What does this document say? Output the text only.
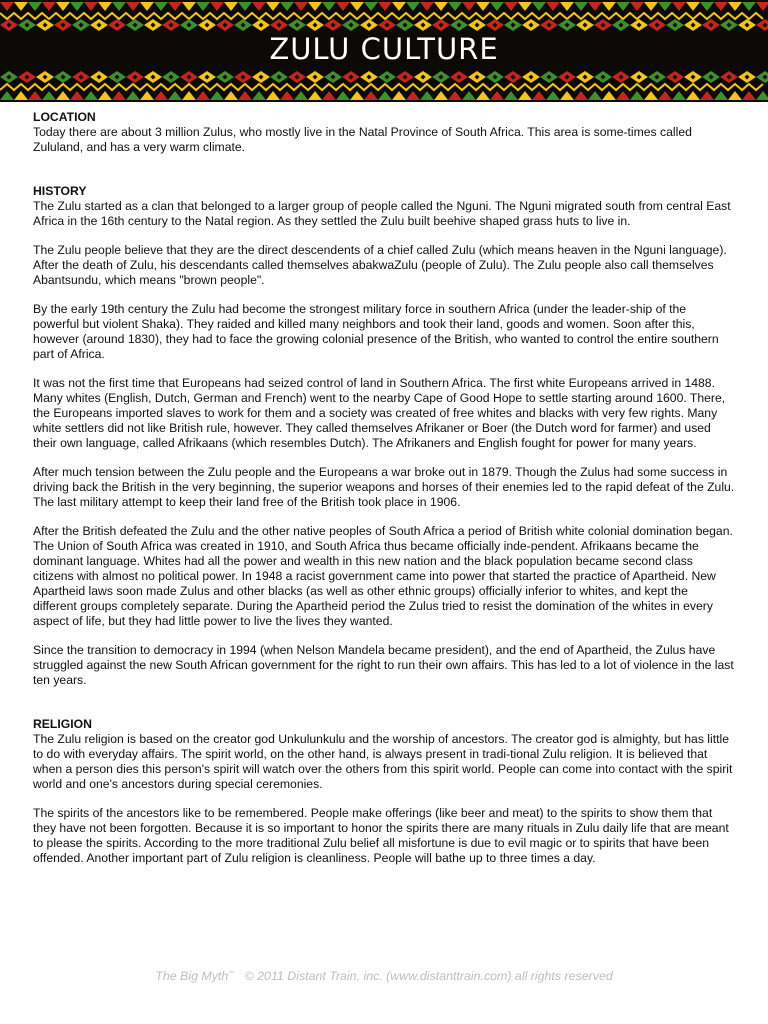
ZULU CULTURE
LOCATION

Today there are about 3 million Zulus, who mostly live in the Natal Province of South Africa. This area is some-times called Zululand, and has a very warm climate.

HISTORY

The Zulu started as a clan that belonged to a larger group of people called the Nguni. The Nguni migrated south from central East Africa in the 16th century to the Natal region. As they settled the Zulu built beehive shaped grass huts to live in.

The Zulu people believe that they are the direct descendents of a chief called Zulu (which means heaven in the Nguni language). After the death of Zulu, his descendants called themselves abakwaZulu (people of Zulu). The Zulu people also call themselves Abantsundu, which means "brown people".

By the early 19th century the Zulu had become the strongest military force in southern Africa (under the leader-ship of the powerful but violent Shaka). They raided and killed many neighbors and took their land, goods and women. Soon after this, however (around 1830), they had to face the growing colonial presence of the British, who wanted to control the entire southern part of Africa.

It was not the first time that Europeans had seized control of land in Southern Africa. The first white Europeans arrived in 1488. Many whites (English, Dutch, German and French) went to the nearby Cape of Good Hope to settle starting around 1600. There, the Europeans imported slaves to work for them and a society was created of free whites and blacks with very few rights. Many white settlers did not like British rule, however. They called themselves Afrikaner or Boer (the Dutch word for farmer) and used their own language, called Afrikaans (which resembles Dutch). The Afrikaners and English fought for power for many years.

After much tension between the Zulu people and the Europeans a war broke out in 1879. Though the Zulus had some success in driving back the British in the very beginning, the superior weapons and horses of their enemies led to the rapid defeat of the Zulu. The last military attempt to keep their land free of the British took place in 1906.

After the British defeated the Zulu and the other native peoples of South Africa a period of British white colonial domination began. The Union of South Africa was created in 1910, and South Africa thus became officially inde-pendent. Afrikaans became the dominant language. Whites had all the power and wealth in this new nation and the black population became second class citizens with almost no political power. In 1948 a racist government came into power that started the practice of Apartheid. New Apartheid laws soon made Zulus and other blacks (as well as other ethnic groups) officially inferior to whites, and kept the different groups completely separate. During the Apartheid period the Zulus tried to resist the domination of the whites in every aspect of life, but they had little power to live the lives they wanted.

Since the transition to democracy in 1994 (when Nelson Mandela became president), and the end of Apartheid, the Zulus have struggled against the new South African government for the right to run their own affairs. This has led to a lot of violence in the last ten years.

RELIGION

The Zulu religion is based on the creator god Unkulunkulu and the worship of ancestors. The creator god is almighty, but has little to do with everyday affairs. The spirit world, on the other hand, is always present in tradi-tional Zulu religion. It is believed that when a person dies this person's spirit will watch over the others from this spirit world. People can come into contact with the spirit world and one's ancestors during special ceremonies.

The spirits of the ancestors like to be remembered. People make offerings (like beer and meat) to the spirits to show them that they have not been forgotten. Because it is so important to honor the spirits there are many rituals in Zulu daily life that are meant to please the spirits. According to the more traditional Zulu belief all misfortune is due to evil magic or to spirits that have been offended. Another important part of Zulu religion is cleanliness. People will bathe up to three times a day.

The Big Myth™ © 2011 Distant Train, inc. (www.distanttrain.com) all rights reserved
